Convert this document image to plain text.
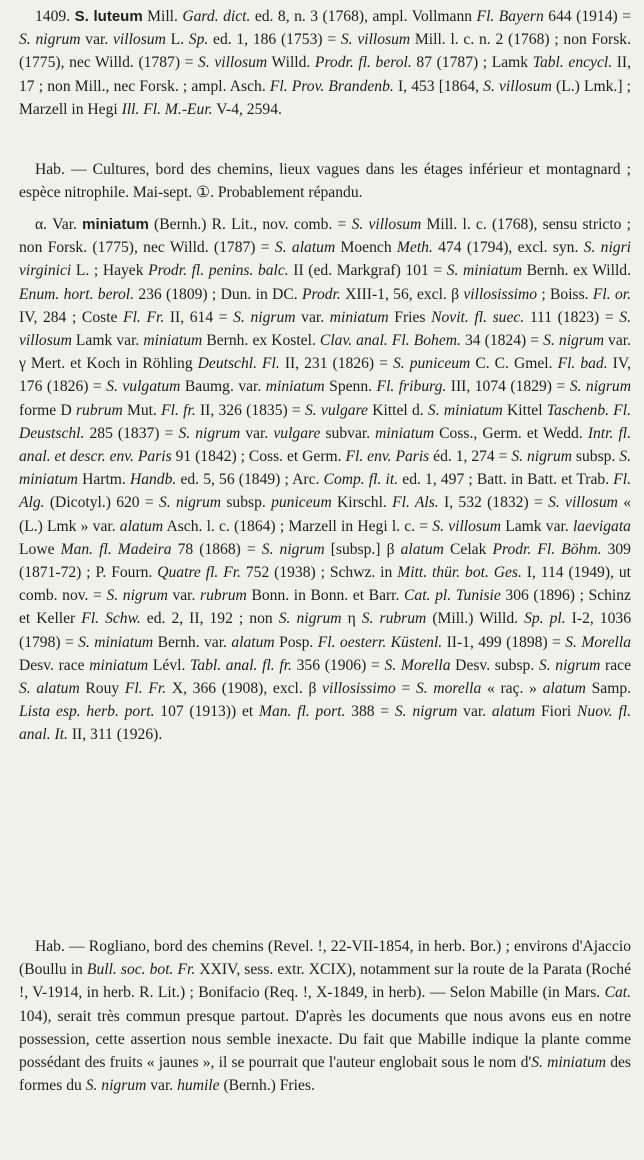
1409. S. luteum Mill. Gard. dict. ed. 8, n. 3 (1768), ampl. Vollmann Fl. Bayern 644 (1914) = S. nigrum var. villosum L. Sp. ed. 1, 186 (1753) = S. villosum Mill. l. c. n. 2 (1768) ; non Forsk. (1775), nec Willd. (1787) = S. villosum Willd. Prodr. fl. berol. 87 (1787) ; Lamk Tabl. encycl. II, 17 ; non Mill., nec Forsk. ; ampl. Asch. Fl. Prov. Brandenb. I, 453 [1864, S. villosum (L.) Lmk.] ; Marzell in Hegi Ill. Fl. M.-Eur. V-4, 2594.

Hab. — Cultures, bord des chemins, lieux vagues dans les étages inférieur et montagnard ; espèce nitrophile. Mai-sept. ①. Probablement répandu.

α. Var. miniatum (Bernh.) R. Lit., nov. comb. = S. villosum Mill. l. c. (1768), sensu stricto ; non Forsk. (1775), nec Willd. (1787) = S. alatum Moench Meth. 474 (1794), excl. syn. S. nigri virginici L. ; Hayek Prodr. fl. penins. balc. II (ed. Markgraf) 101 = S. miniatum Bernh. ex Willd. Enum. hort. berol. 236 (1809) ; Dun. in DC. Prodr. XIII-1, 56, excl. β villosissimo ; Boiss. Fl. or. IV, 284 ; Coste Fl. Fr. II, 614 = S. nigrum var. miniatum Fries Novit. fl. suec. 111 (1823) = S. villosum Lamk var. miniatum Bernh. ex Kostel. Clav. anal. Fl. Bohem. 34 (1824) = S. nigrum var. γ Mert. et Koch in Röhling Deutschl. Fl. II, 231 (1826) = S. puniceum C. C. Gmel. Fl. bad. IV, 176 (1826) = S. vulgatum Baumg. var. miniatum Spenn. Fl. friburg. III, 1074 (1829) = S. nigrum forme D rubrum Mut. Fl. fr. II, 326 (1835) = S. vulgare Kittel d. S. miniatum Kittel Taschenb. Fl. Deustschl. 285 (1837) = S. nigrum var. vulgare subvar. miniatum Coss., Germ. et Wedd. Intr. fl. anal. et descr. env. Paris 91 (1842) ; Coss. et Germ. Fl. env. Paris éd. 1, 274 = S. nigrum subsp. S. miniatum Hartm. Handb. ed. 5, 56 (1849) ; Arc. Comp. fl. it. ed. 1, 497 ; Batt. in Batt. et Trab. Fl. Alg. (Dicotyl.) 620 = S. nigrum subsp. puniceum Kirschl. Fl. Als. I, 532 (1832) = S. villosum « (L.) Lmk » var. alatum Asch. l. c. (1864) ; Marzell in Hegi l. c. = S. villosum Lamk var. laevigata Lowe Man. fl. Madeira 78 (1868) = S. nigrum [subsp.] β alatum Celak Prodr. Fl. Böhm. 309 (1871-72) ; P. Fourn. Quatre fl. Fr. 752 (1938) ; Schwz. in Mitt. thür. bot. Ges. I, 114 (1949), ut comb. nov. = S. nigrum var. rubrum Bonn. in Bonn. et Barr. Cat. pl. Tunisie 306 (1896) ; Schinz et Keller Fl. Schw. ed. 2, II, 192 ; non S. nigrum η S. rubrum (Mill.) Willd. Sp. pl. I-2, 1036 (1798) = S. miniatum Bernh. var. alatum Posp. Fl. oesterr. Küstenl. II-1, 499 (1898) = S. Morella Desv. race miniatum Lévl. Tabl. anal. fl. fr. 356 (1906) = S. Morella Desv. subsp. S. nigrum race S. alatum Rouy Fl. Fr. X, 366 (1908), excl. β villosissimo = S. morella « raç. » alatum Samp. Lista esp. herb. port. 107 (1913)) et Man. fl. port. 388 = S. nigrum var. alatum Fiori Nuov. fl. anal. It. II, 311 (1926).

Hab. — Rogliano, bord des chemins (Revel. !, 22-VII-1854, in herb. Bor.) ; environs d'Ajaccio (Boullu in Bull. soc. bot. Fr. XXIV, sess. extr. XCIX), notamment sur la route de la Parata (Roché !, V-1914, in herb. R. Lit.) ; Bonifacio (Req. !, X-1849, in herb). — Selon Mabille (in Mars. Cat. 104), serait très commun presque partout. D'après les documents que nous avons eus en notre possession, cette assertion nous semble inexacte. Du fait que Mabille indique la plante comme possédant des fruits « jaunes », il se pourrait que l'auteur englobait sous le nom d'S. miniatum des formes du S. nigrum var. humile (Bernh.) Fries.
